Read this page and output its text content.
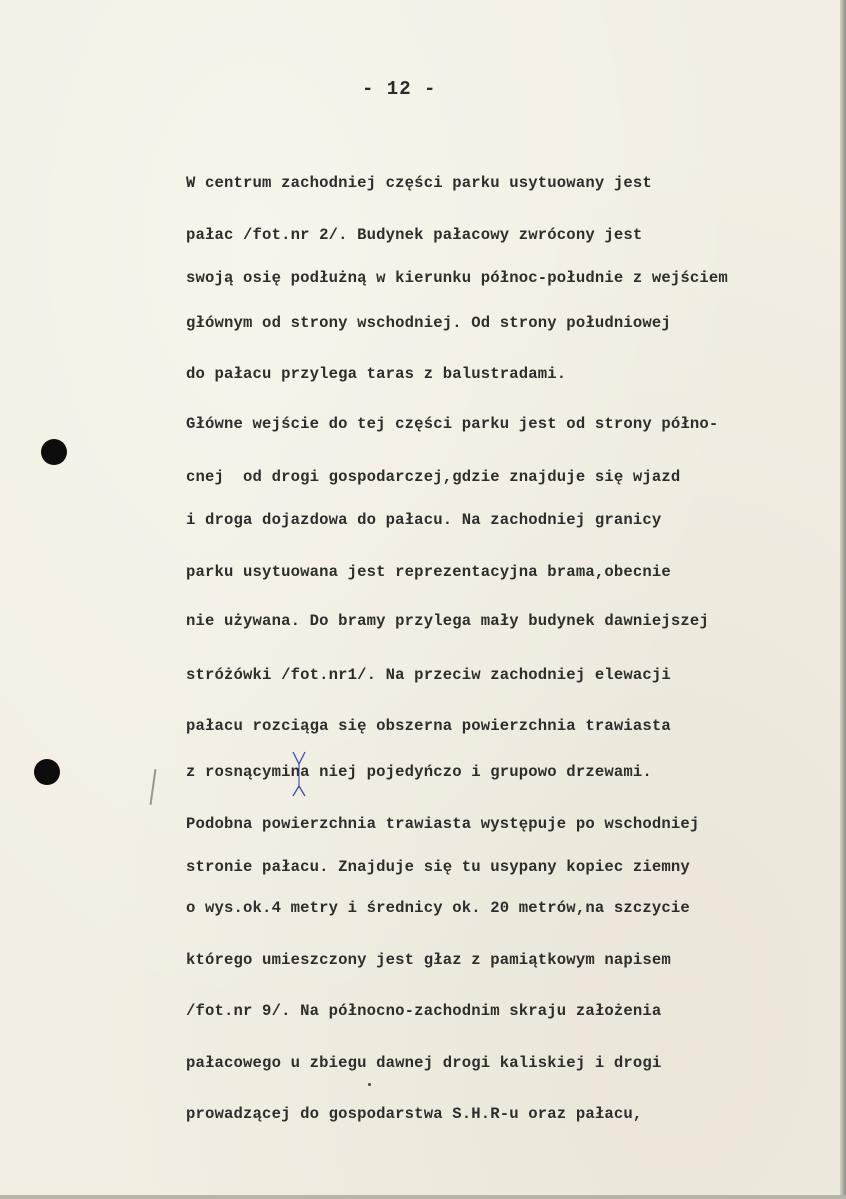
- 12 -
W centrum zachodniej części parku usytuowany jest
pałac /fot.nr 2/. Budynek pałacowy zwrócony jest
swoją osię podłużną w kierunku północ-południe z wejściem
głównym od strony wschodniej. Od strony południowej
do pałacu przylega taras z balustradami.
Główne wejście do tej części parku jest od strony półno-
cnej  od drogi gospodarczej,gdzie znajduje się wjazd
i droga dojazdowa do pałacu. Na zachodniej granicy
parku usytuowana jest reprezentacyjna brama,obecnie
nie używana. Do bramy przylega mały budynek dawniejszej
stróżówki /fot.nr1/. Na przeciw zachodniej elewacji
pałacu rozciąga się obszerna powierzchnia trawiasta
z rosnącymina niej pojedyńczo i grupowo drzewami.
Podobna powierzchnia trawiasta występuje po wschodniej
stronie pałacu. Znajduje się tu usypany kopiec ziemny
o wys.ok.4 metry i średnicy ok. 20 metrów,na szczycie
którego umieszczony jest głaz z pamiątkowym napisem
/fot.nr 9/. Na północno-zachodnim skraju założenia
pałacowego u zbiegu dawnej drogi kaliskiej i drogi
prowadzącej do gospodarstwa S.H.R-u oraz pałacu,
